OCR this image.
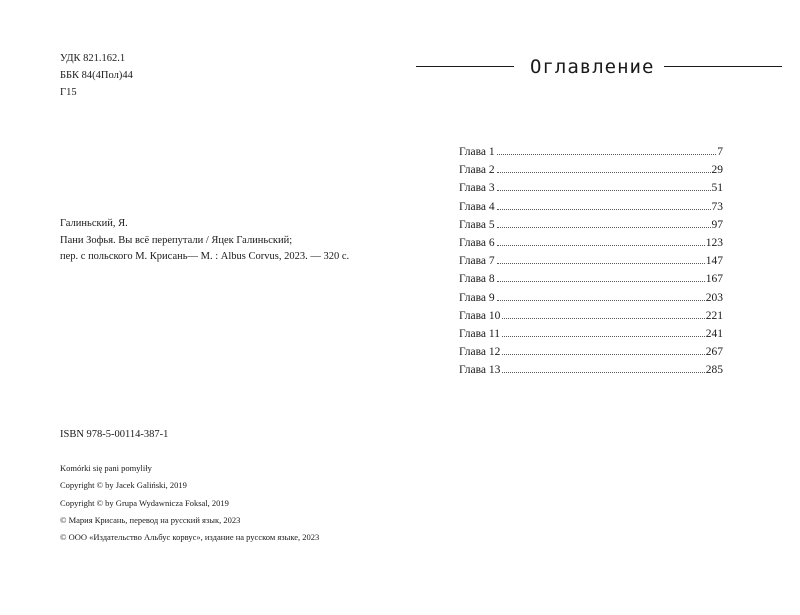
УДК 821.162.1
ББК 84(4Пол)44
Г15
Галиньский, Я.
Пани Зофья. Вы всё перепутали / Яцек Галиньский;
пер. с польского М. Крисань— М. : Albus Corvus, 2023. — 320 с.
ISBN 978-5-00114-387-1
Komórki się pani pomyliły
Copyright © by Jacek Galiński, 2019
Copyright © by Grupa Wydawnicza Foksal, 2019
© Мария Крисань, перевод на русский язык, 2023
© ООО «Издательство Альбус корвус», издание на русском языке, 2023
Оглавление
Глава 1	7
Глава 2	29
Глава 3	51
Глава 4	73
Глава 5	97
Глава 6	123
Глава 7	147
Глава 8	167
Глава 9	203
Глава 10	221
Глава 11	241
Глава 12	267
Глава 13	285
